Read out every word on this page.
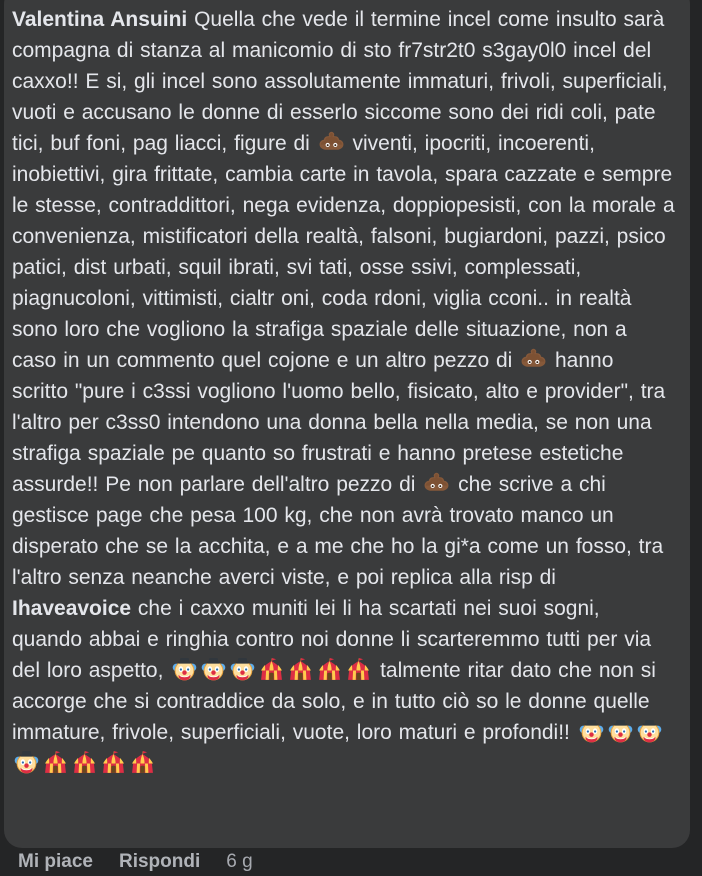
Valentina Ansuini Quella che vede il termine incel come insulto sarà compagna di stanza al manicomio di sto fr7str2t0 s3gay0l0 incel del caxxo!! E si, gli incel sono assolutamente immaturi, frivoli, superficiali, vuoti e accusano le donne di esserlo siccome sono dei ridi coli, pate tici, buf foni, pag liacci, figure di
viventi, ipocriti, incoerenti, inobiettivi, gira frittate, cambia carte in tavola, spara cazzate e sempre le stesse, contraddittori, nega evidenza, doppiopesisti, con la morale a convenienza, mistificatori della realtà, falsoni, bugiardoni, pazzi, psico patici, dist urbati, squil ibrati, svi tati, osse ssivi, complessati, piagnucoloni, vittimisti, cialtr oni, coda rdoni, viglia cconi.. in realtà sono loro che vogliono la strafiga spaziale delle situazione, non a caso in un commento quel cojone e un altro pezzo di
hanno scritto "pure i c3ssi vogliono l'uomo bello, fisicato, alto e provider", tra l'altro per c3ss0 intendono una donna bella nella media, se non una strafiga spaziale pe quanto so frustrati e hanno pretese estetiche assurde!! Pe non parlare dell'altro pezzo di
che scrive a chi gestisce page che pesa 100 kg, che non avrà trovato manco un disperato che se la acchita, e a me che ho la gi*a come un fosso, tra l'altro senza neanche averci viste, e poi replica alla risp di Ihaveavoice che i caxxo muniti lei li ha scartati nei suoi sogni, quando abbai e ringhia contro noi donne li scarteremmo tutti per via del loro aspetto,	talmente ritar dato che non si accorge che si contraddice da solo, e in tutto ciò so le donne quelle immature, frivole, superficiali, vuote, loro maturi e profondi!!
Mi piace Rispondi 6 g
